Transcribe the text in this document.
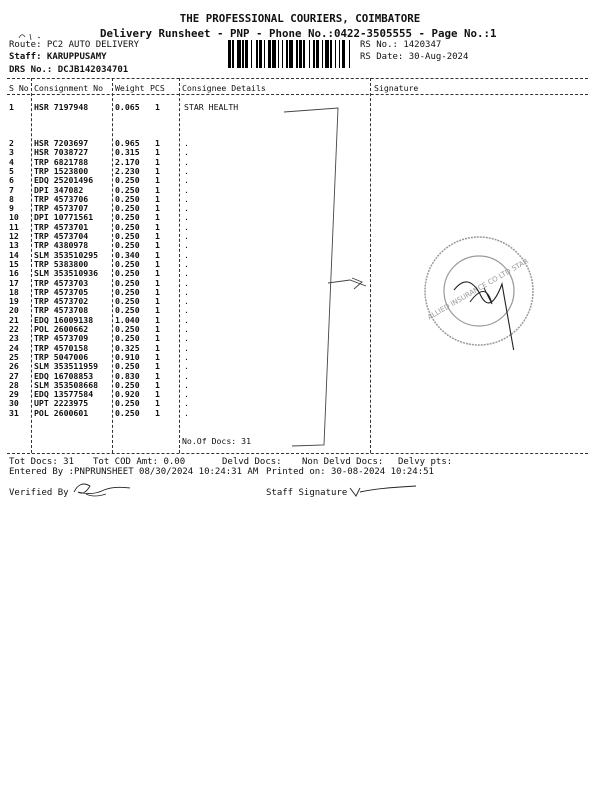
THE PROFESSIONAL COURIERS, COIMBATORE
Delivery Runsheet - PNP - Phone No.:0422-3505555 - Page No.:1
Route: PC2 AUTO DELIVERY
Staff: KARUPPUSAMY
DRS No.: DCJB142034701
RS No.: 1420347
RS Date: 30-Aug-2024
S No Consignment No Weight PCS Consignee Details	Signature
1 HSR 7197948	0.065 1	STAR HEALTH
2 HSR 7203697	0.965 1	.
3 HSR 7038727	0.315 1	.
4 TRP 6821788	2.170 1	.
5 TRP 1523800	2.230 1	.
6 EDQ 25201496	0.250 1	.
7 DPI 347082	0.250 1	.
8 TRP 4573706	0.250 1	.
9 TRP 4573707	0.250 1	.
10 DPI 10771561	0.250 1	.
11 TRP 4573701	0.250 1	.
12 TRP 4573704	0.250 1	.
13 TRP 4380978	0.250 1	.
14 SLM 353510295 0.340 1	.
15 TRP 5383800	0.250 1	.
16 SLM 353510936 0.250 1	.
17 TRP 4573703	0.250 1	.
18 TRP 4573705	0.250 1	.
19 TRP 4573702	0.250 1	.
20 TRP 4573708	0.250 1	.
21 EDQ 16009138	1.040 1	.
22 POL 2600662	0.250 1	.
23 TRP 4573709	0.250 1	.
24 TRP 4570158	0.325 1	.
25 TRP 5047006	0.910 1	.
26 SLM 353511959 0.250 1	.
27 EDQ 16708853	0.830 1	.
28 SLM 353508668 0.250 1	.
29 EDQ 13577584	0.920 1	.
30 UPT 2223975	0.250 1	.
31 POL 2600601	0.250 1	.
No.Of Docs: 31
ALLIED INSURANCE CO LTD STAR
Tot Docs: 31 Tot COD Amt: 0.00	Delvd Docs: Non Delvd Docs: Delvy pts:
Entered By :PNPRUNSHEET 08/30/2024 10:24:31 AM Printed on: 30-08-2024 10:24:51
Verified By	Staff Signature
